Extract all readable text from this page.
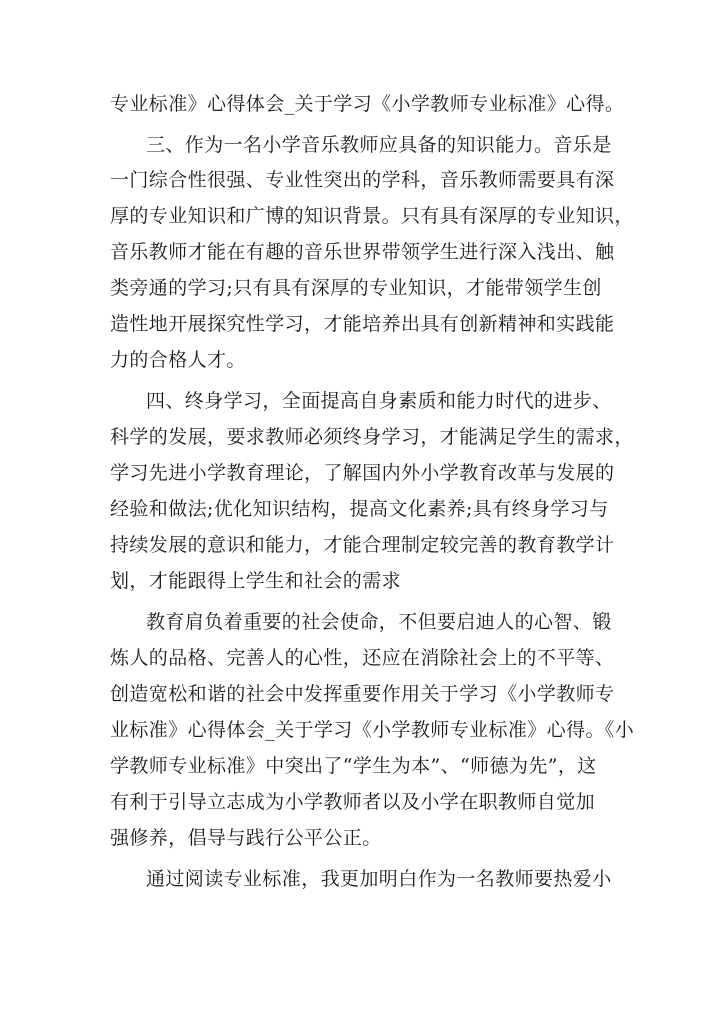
专业标准》心得体会_关于学习《小学教师专业标准》心得。
三、作为一名小学音乐教师应具备的知识能力。音乐是
一门综合性很强、专业性突出的学科，音乐教师需要具有深
厚的专业知识和广博的知识背景。只有具有深厚的专业知识，
音乐教师才能在有趣的音乐世界带领学生进行深入浅出、触
类旁通的学习;只有具有深厚的专业知识，才能带领学生创
造性地开展探究性学习，才能培养出具有创新精神和实践能
力的合格人才。
四、终身学习，全面提高自身素质和能力时代的进步、
科学的发展，要求教师必须终身学习，才能满足学生的需求，
学习先进小学教育理论，了解国内外小学教育改革与发展的
经验和做法;优化知识结构，提高文化素养;具有终身学习与
持续发展的意识和能力，才能合理制定较完善的教育教学计
划，才能跟得上学生和社会的需求
教育肩负着重要的社会使命，不但要启迪人的心智、锻
炼人的品格、完善人的心性，还应在消除社会上的不平等、
创造宽松和谐的社会中发挥重要作用关于学习《小学教师专
业标准》心得体会_关于学习《小学教师专业标准》心得。《小
学教师专业标准》中突出了“学生为本”、“师德为先”，这
有利于引导立志成为小学教师者以及小学在职教师自觉加
强修养，倡导与践行公平公正。
通过阅读专业标准，我更加明白作为一名教师要热爱小
